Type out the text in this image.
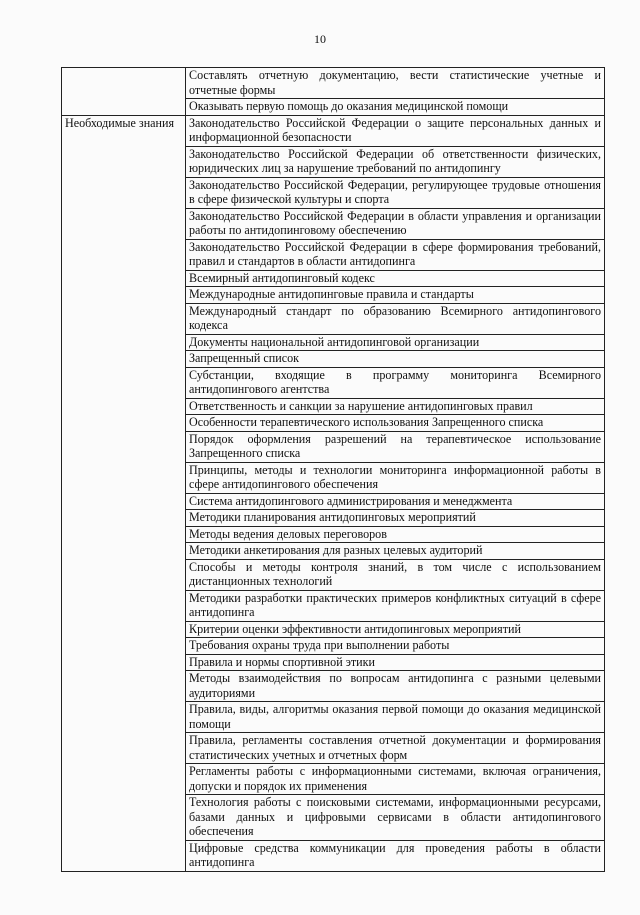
10
	Составлять отчетную документацию, вести статистические учетные и отчетные формы
	Оказывать первую помощь до оказания медицинской помощи
Необходимые знания	Законодательство Российской Федерации о защите персональных данных и информационной безопасности
	Законодательство Российской Федерации об ответственности физических, юридических лиц за нарушение требований по антидопингу
	Законодательство Российской Федерации, регулирующее трудовые отношения в сфере физической культуры и спорта
	Законодательство Российской Федерации в области управления и организации работы по антидопинговому обеспечению
	Законодательство Российской Федерации в сфере формирования требований, правил и стандартов в области антидопинга
	Всемирный антидопинговый кодекс
	Международные антидопинговые правила и стандарты
	Международный стандарт по образованию Всемирного антидопингового кодекса
	Документы национальной антидопинговой организации
	Запрещенный список
	Субстанции, входящие в программу мониторинга Всемирного антидопингового агентства
	Ответственность и санкции за нарушение антидопинговых правил
	Особенности терапевтического использования Запрещенного списка
	Порядок оформления разрешений на терапевтическое использование Запрещенного списка
	Принципы, методы и технологии мониторинга информационной работы в сфере антидопингового обеспечения
	Система антидопингового администрирования и менеджмента
	Методики планирования антидопинговых мероприятий
	Методы ведения деловых переговоров
	Методики анкетирования для разных целевых аудиторий
	Способы и методы контроля знаний, в том числе с использованием дистанционных технологий
	Методики разработки практических примеров конфликтных ситуаций в сфере антидопинга
	Критерии оценки эффективности антидопинговых мероприятий
	Требования охраны труда при выполнении работы
	Правила и нормы спортивной этики
	Методы взаимодействия по вопросам антидопинга с разными целевыми аудиториями
	Правила, виды, алгоритмы оказания первой помощи до оказания медицинской помощи
	Правила, регламенты составления отчетной документации и формирования статистических учетных и отчетных форм
	Регламенты работы с информационными системами, включая ограничения, допуски и порядок их применения
	Технология работы с поисковыми системами, информационными ресурсами, базами данных и цифровыми сервисами в области антидопингового обеспечения
	Цифровые средства коммуникации для проведения работы в области антидопинга
